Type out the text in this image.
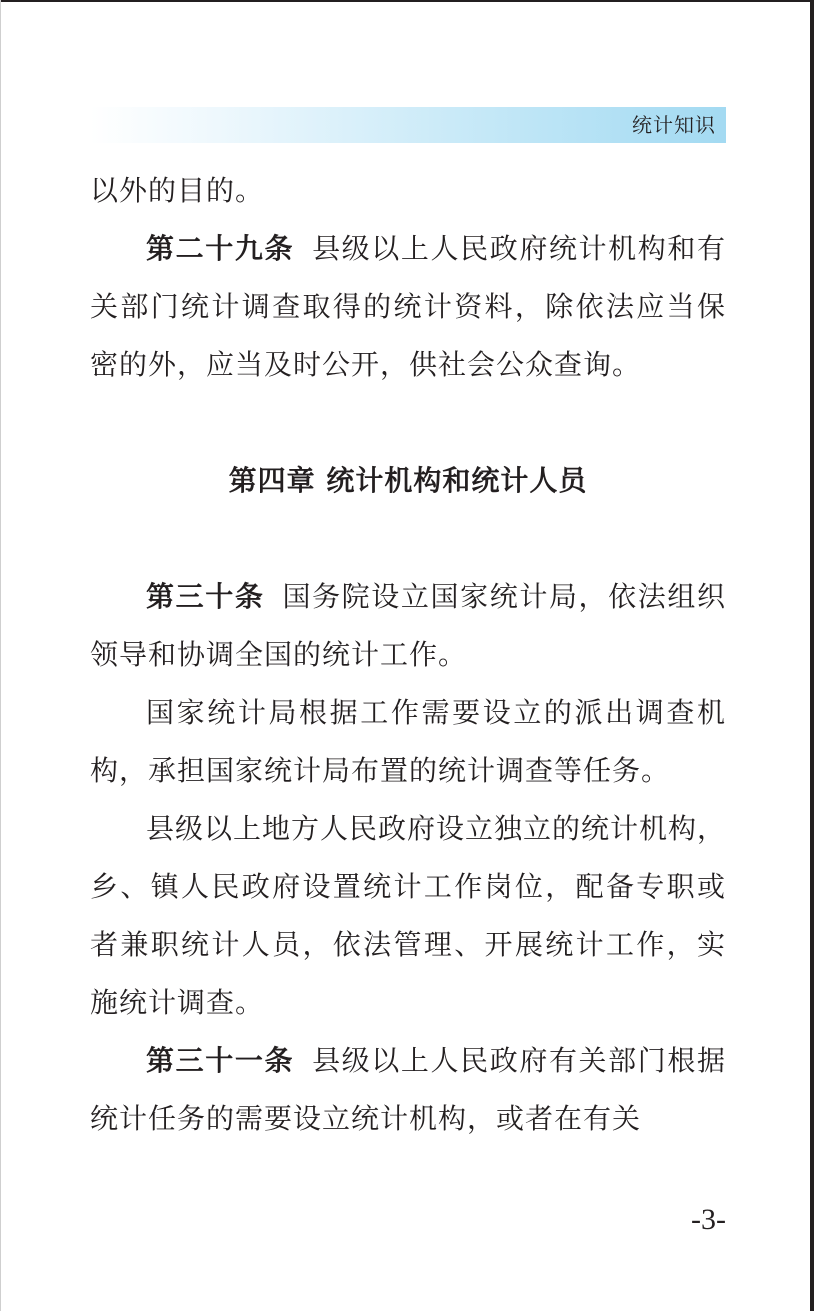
统计知识

以外的目的。

第二十九条 县级以上人民政府统计机构和有关部门统计调查取得的统计资料，除依法应当保密的外，应当及时公开，供社会公众查询。

第四章 统计机构和统计人员

第三十条 国务院设立国家统计局，依法组织领导和协调全国的统计工作。

国家统计局根据工作需要设立的派出调查机构，承担国家统计局布置的统计调查等任务。

县级以上地方人民政府设立独立的统计机构，乡、镇人民政府设置统计工作岗位，配备专职或者兼职统计人员，依法管理、开展统计工作，实施统计调查。

第三十一条 县级以上人民政府有关部门根据统计任务的需要设立统计机构，或者在有关

-3-
